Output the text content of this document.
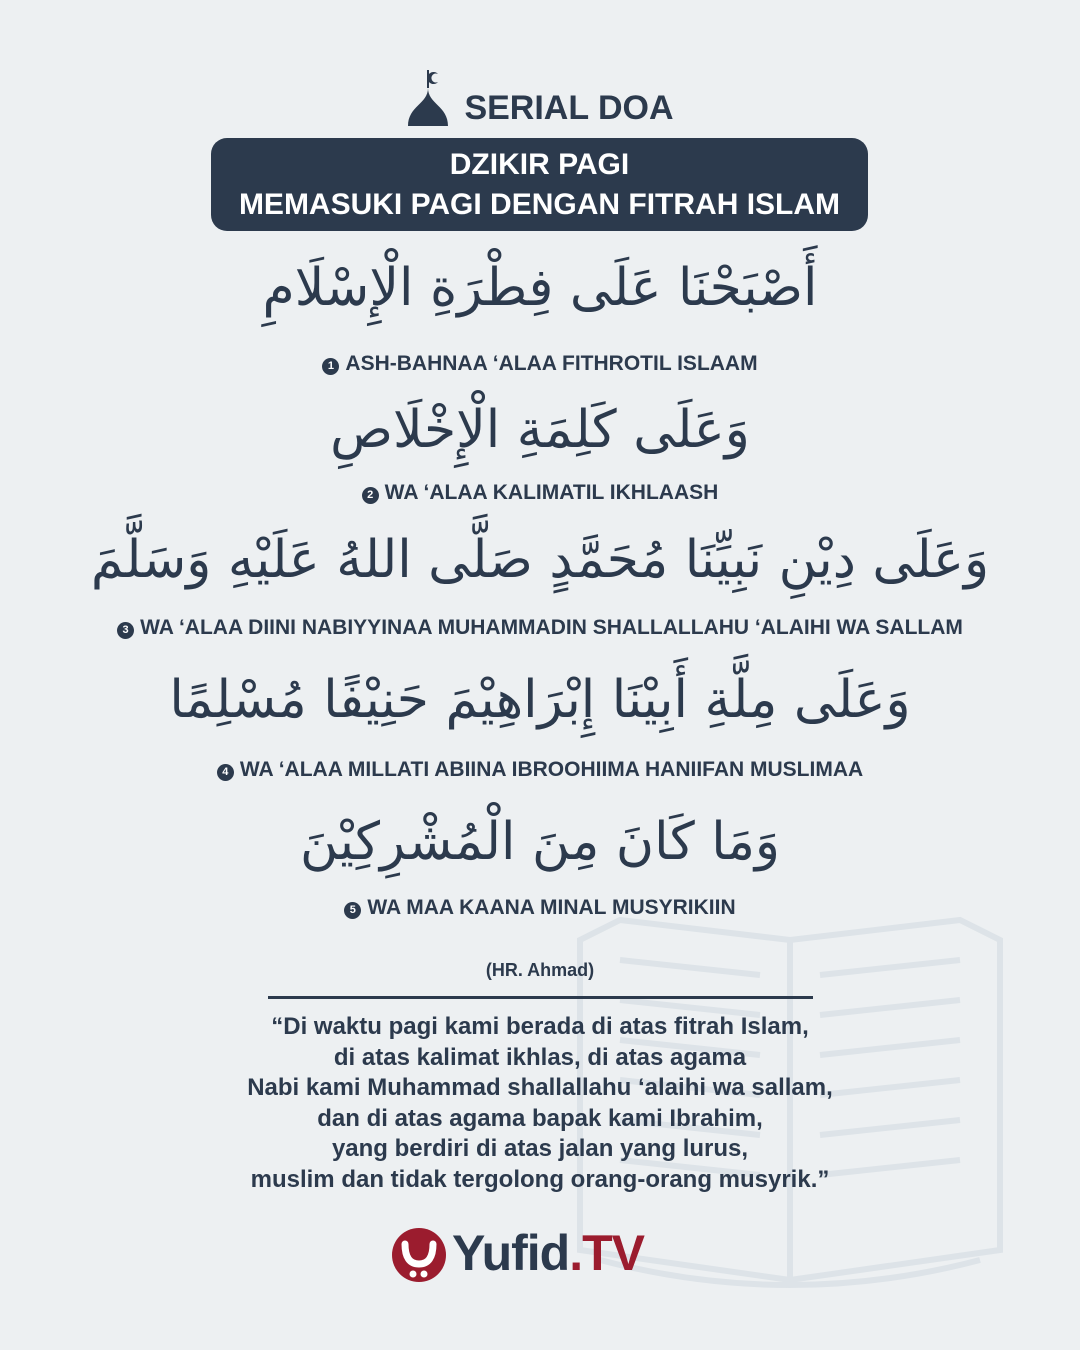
SERIAL DOA
DZIKIR PAGI
MEMASUKI PAGI DENGAN FITRAH ISLAM
أَصْبَحْنَا عَلَى فِطْرَةِ الْإِسْلَامِ
1 ASH-BAHNAA ‘ALAA FITHROTIL ISLAAM
وَعَلَى كَلِمَةِ الْإِخْلَاصِ
2 WA ‘ALAA KALIMATIL IKHLAASH
وَعَلَى دِيْنِ نَبِيِّنَا مُحَمَّدٍ صَلَّى اللهُ عَلَيْهِ وَسَلَّمَ
3 WA ‘ALAA DIINI NABIYYINAA MUHAMMADIN SHALLALLAHU ‘ALAIHI WA SALLAM
وَعَلَى مِلَّةِ أَبِيْنَا إِبْرَاهِيْمَ حَنِيْفًا مُسْلِمًا
4 WA ‘ALAA MILLATI ABIINA IBROOHIIMA HANIIFAN MUSLIMAA
وَمَا كَانَ مِنَ الْمُشْرِكِيْنَ
5 WA MAA KAANA MINAL MUSYRIKIIN
(HR. Ahmad)
“Di waktu pagi kami berada di atas fitrah Islam,
di atas kalimat ikhlas, di atas agama
Nabi kami Muhammad shallallahu ‘alaihi wa sallam,
dan di atas agama bapak kami Ibrahim,
yang berdiri di atas jalan yang lurus,
muslim dan tidak tergolong orang-orang musyrik.”
Yufid.TV
